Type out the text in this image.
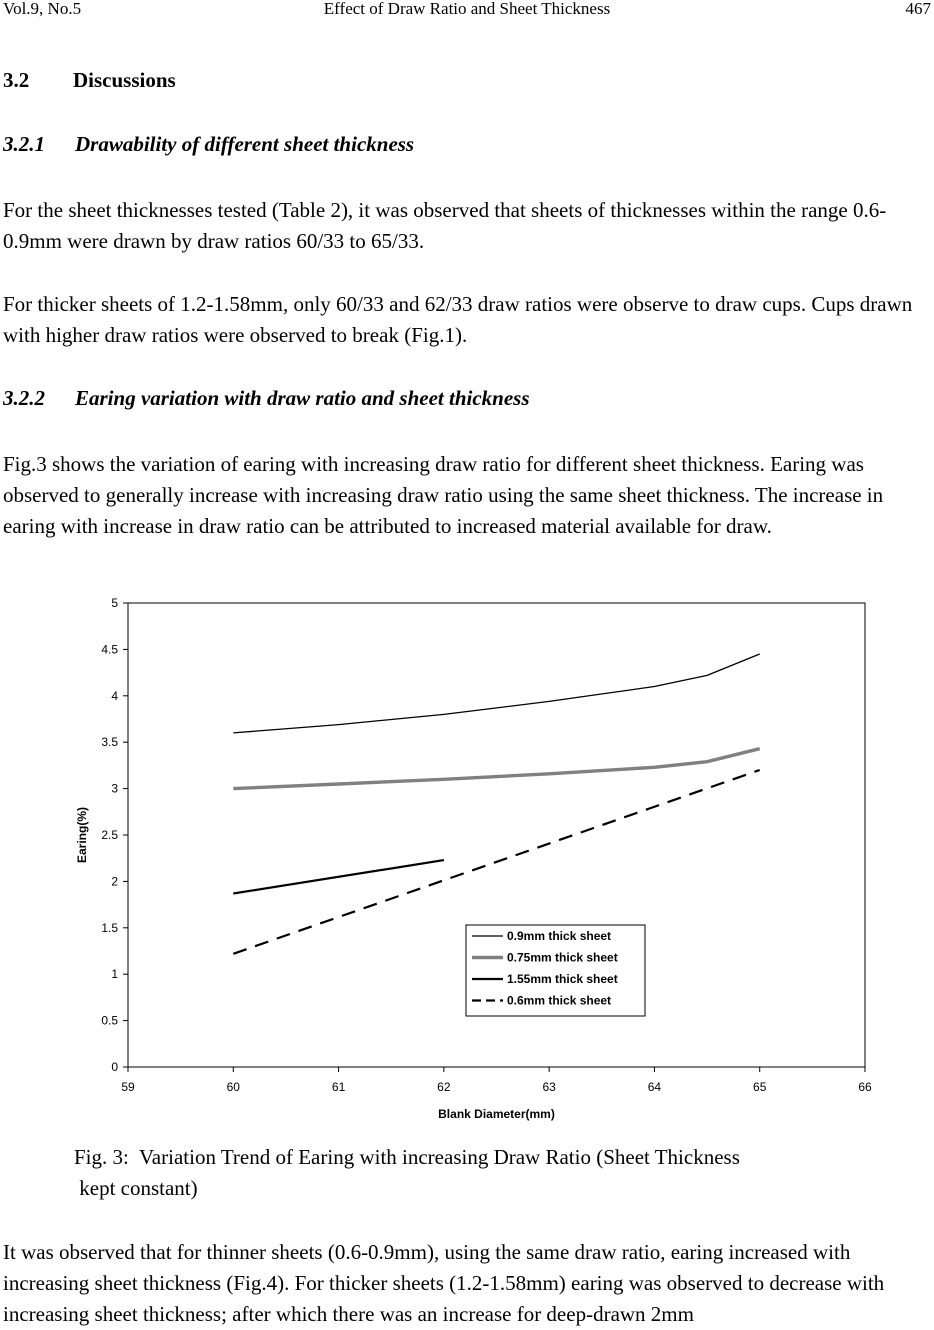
Vol.9, No.5	Effect of Draw Ratio and Sheet Thickness	467
3.2 Discussions
3.2.1 Drawability of different sheet thickness

For the sheet thicknesses tested (Table 2), it was observed that sheets of thicknesses within the range 0.6-0.9mm were drawn by draw ratios 60/33 to 65/33.

For thicker sheets of 1.2-1.58mm, only 60/33 and 62/33 draw ratios were observe to draw cups. Cups drawn with higher draw ratios were observed to break (Fig.1).

3.2.2 Earing variation with draw ratio and sheet thickness

Fig.3 shows the variation of earing with increasing draw ratio for different sheet thickness. Earing was observed to generally increase with increasing draw ratio using the same sheet thickness. The increase in earing with increase in draw ratio can be attributed to increased material available for draw.

0
0.5
1
1.5
2
2.5
3
3.5
4
4.5
5
59	60	61	62	63	64	65	66
Blank Diameter(mm)
Earing(%)
0.9mm thick sheet
0.75mm thick sheet
1.55mm thick sheet
0.6mm thick sheet

Fig. 3:  Variation Trend of Earing with increasing Draw Ratio (Sheet Thickness
kept constant)

It was observed that for thinner sheets (0.6-0.9mm), using the same draw ratio, earing increased with increasing sheet thickness (Fig.4). For thicker sheets (1.2-1.58mm) earing was observed to decrease with increasing sheet thickness; after which there was an increase for deep-drawn 2mm
